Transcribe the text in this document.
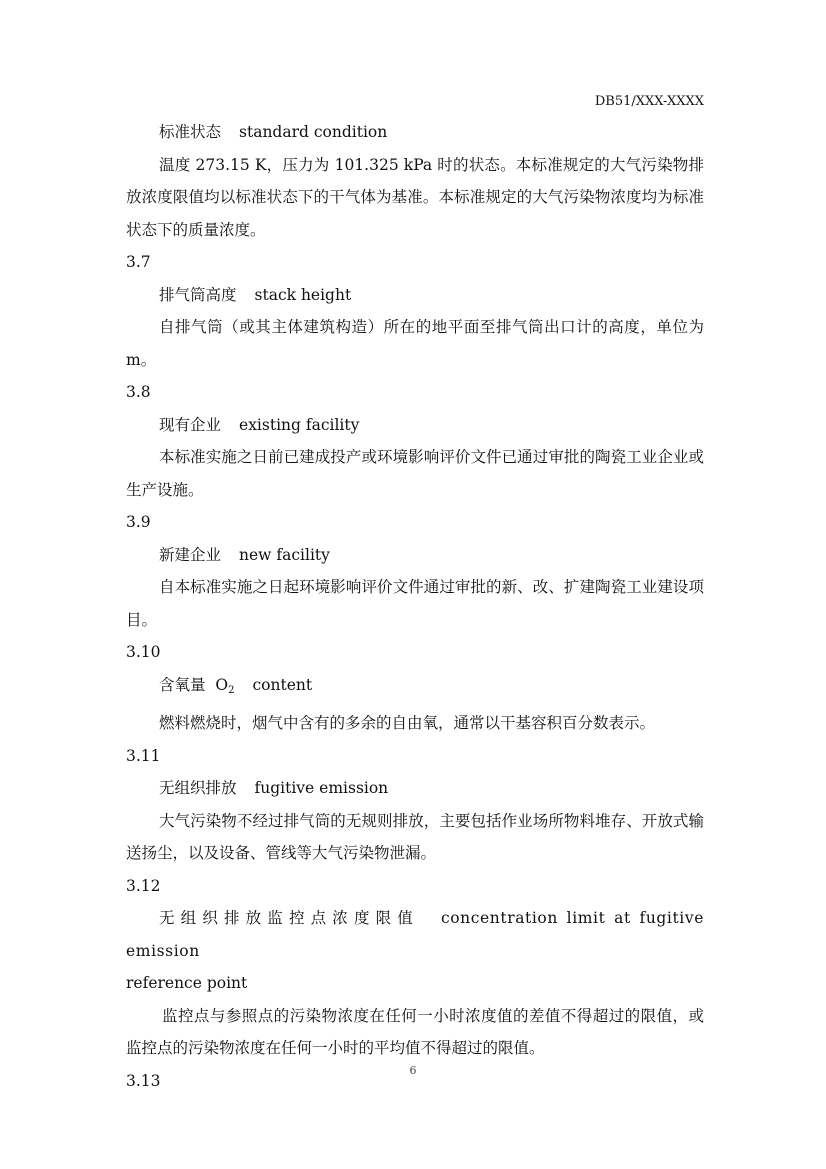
DB51/XXX-XXXX

标准状态 standard condition

温度 273.15 K，压力为 101.325 kPa 时的状态。本标准规定的大气污染物排放浓度限值均以标准状态下的干气体为基准。本标准规定的大气污染物浓度均为标准状态下的质量浓度。

3.7

排气筒高度 stack height

自排气筒（或其主体建筑构造）所在的地平面至排气筒出口计的高度，单位为 m。

3.8

现有企业 existing facility

本标准实施之日前已建成投产或环境影响评价文件已通过审批的陶瓷工业企业或生产设施。

3.9

新建企业 new facility

自本标准实施之日起环境影响评价文件通过审批的新、改、扩建陶瓷工业建设项目。

3.10

含氧量 $O_2$ content

燃料燃烧时，烟气中含有的多余的自由氧，通常以干基容积百分数表示。

3.11

无组织排放 fugitive emission

大气污染物不经过排气筒的无规则排放，主要包括作业场所物料堆存、开放式输送扬尘，以及设备、管线等大气污染物泄漏。

3.12

无组织排放监控点浓度限值 concentration limit at fugitive emission

reference point

监控点与参照点的污染物浓度在任何一小时浓度值的差值不得超过的限值，或监控点的污染物浓度在任何一小时的平均值不得超过的限值。

3.13

6
